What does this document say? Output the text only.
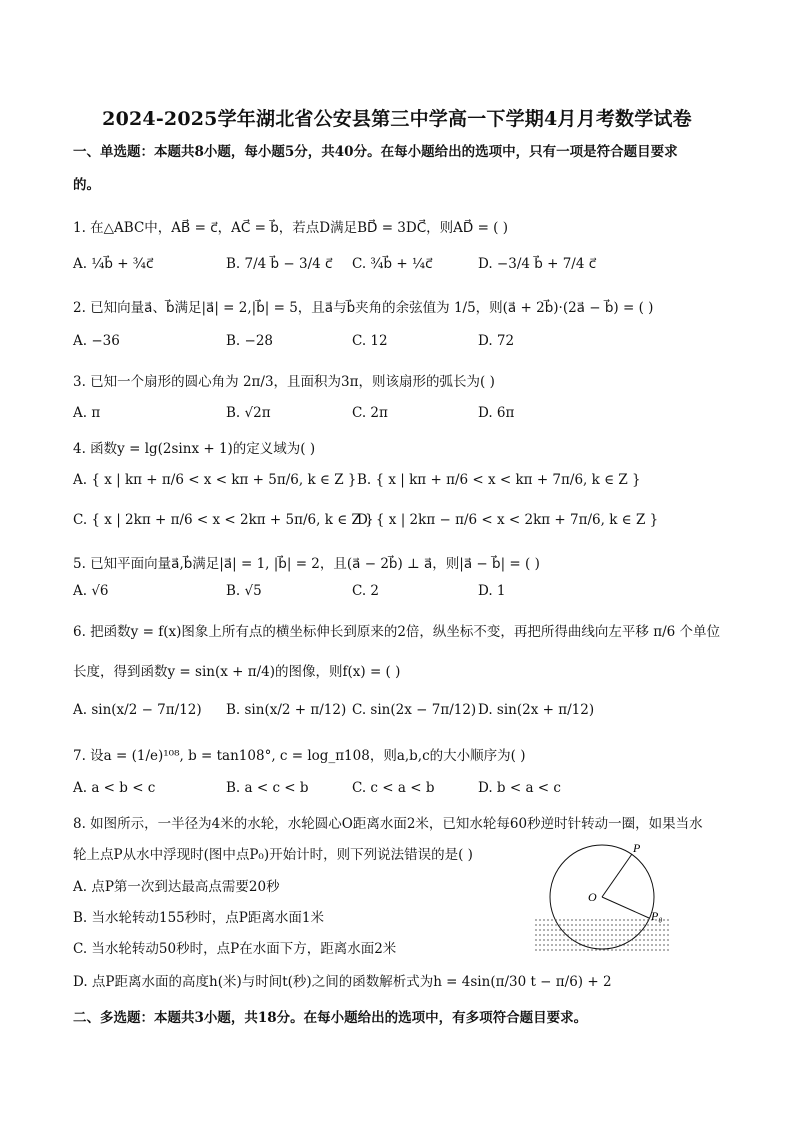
2024-2025学年湖北省公安县第三中学高一下学期4月月考数学试卷
一、单选题：本题共8小题，每小题5分，共40分。在每小题给出的选项中，只有一项是符合题目要求
的。
1. 在△ABC中，AB⃗ = c⃗，AC⃗ = b⃗，若点D满足BD⃗ = 3DC⃗，则AD⃗ = ( )
A. ¼b⃗ + ¾c⃗	B. 7/4 b⃗ − 3/4 c⃗ C. ¾b⃗ + ¼c⃗	D. −3/4 b⃗ + 7/4 c⃗
2. 已知向量a⃗、b⃗满足|a⃗| = 2,|b⃗| = 5，且a⃗与b⃗夹角的余弦值为 1/5，则(a⃗ + 2b⃗)·(2a⃗ − b⃗) = ( )
A. −36	B. −28	C. 12	D. 72
3. 已知一个扇形的圆心角为 2π/3，且面积为3π，则该扇形的弧长为( )
A. π	B. √2π	C. 2π	D. 6π
4. 函数y = lg(2sinx + 1)的定义域为( )
A. { x | kπ + π/6 < x < kπ + 5π/6, k ∈ Z } B. { x | kπ + π/6 < x < kπ + 7π/6, k ∈ Z }
C. { x | 2kπ + π/6 < x < 2kπ + 5π/6, k ∈ Z }
D. { x | 2kπ − π/6 < x < 2kπ + 7π/6, k ∈ Z }
5. 已知平面向量a⃗,b⃗满足|a⃗| = 1, |b⃗| = 2，且(a⃗ − 2b⃗) ⊥ a⃗，则|a⃗ − b⃗| = ( )
A. √6	B. √5	C. 2	D. 1
6. 把函数y = f(x)图象上所有点的横坐标伸长到原来的2倍，纵坐标不变，再把所得曲线向左平移 π/6 个单位
长度，得到函数y = sin(x + π/4)的图像，则f(x) = ( )
A. sin(x/2 − 7π/12) B. sin(x/2 + π/12) C. sin(2x − 7π/12) D. sin(2x + π/12)
7. 设a = (1/e)¹⁰⁸, b = tan108°, c = log_π108，则a,b,c的大小顺序为( )
A. a < b < c	B. a < c < b	C. c < a < b	D. b < a < c
8. 如图所示，一半径为4米的水轮，水轮圆心O距离水面2米，已知水轮每60秒逆时针转动一圈，如果当水
轮上点P从水中浮现时(图中点P₀)开始计时，则下列说法错误的是( )
A. 点P第一次到达最高点需要20秒
B. 当水轮转动155秒时，点P距离水面1米
C. 当水轮转动50秒时，点P在水面下方，距离水面2米
D. 点P距离水面的高度h(米)与时间t(秒)之间的函数解析式为h = 4sin(π/30 t − π/6) + 2
P
O
P₀
二、多选题：本题共3小题，共18分。在每小题给出的选项中，有多项符合题目要求。
